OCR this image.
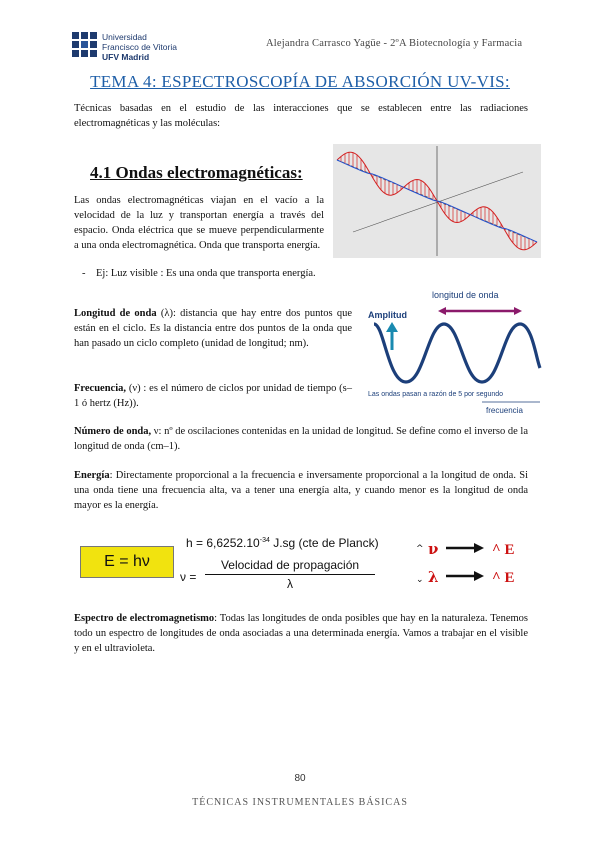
Universidad
Francisco de Vitoria
UFV Madrid
Alejandra Carrasco Yagüe - 2ºA Biotecnología y Farmacia
TEMA 4: ESPECTROSCOPÍA DE ABSORCIÓN UV-VIS:
Técnicas basadas en el estudio de las interacciones que se establecen entre las radiaciones electromagnéticas y las moléculas:
4.1 Ondas electromagnéticas:
Las ondas electromagnéticas viajan en el vacío a la velocidad de la luz y transportan energía a través del espacio. Onda eléctrica que se mueve perpendicularmente a una onda electromagnética. Onda que transporta energía.
- Ej: Luz visible : Es una onda que transporta energía.
Amplitud
longitud de onda
Las ondas pasan a razón de 5 por segundo
frecuencia
Longitud de onda (λ): distancia que hay entre dos puntos que están en el ciclo. Es la distancia entre dos puntos de la onda que han pasado un ciclo completo (unidad de longitud; nm).
Frecuencia, (ν) : es el número de ciclos por unidad de tiempo (s–1 ó hertz (Hz)).
Número de onda, ν: nº de oscilaciones contenidas en la unidad de longitud. Se define como el inverso de la longitud de onda (cm–1).
Energía: Directamente proporcional a la frecuencia e inversamente proporcional a la longitud de onda. Si una onda tiene una frecuencia alta, va a tener una energía alta, y cuando menor es la longitud de onda mayor es la energía.
E = hν
$h = 6,6252.10^{-34}$ J.sg (cte de Planck)
ν =
Velocidad de propagación
λ
^ ν	^ E
⌄ λ	^ E
Espectro de electromagnetismo: Todas las longitudes de onda posibles que hay en la naturaleza. Tenemos todo un espectro de longitudes de onda asociadas a una determinada energía. Vamos a trabajar en el visible y en el ultravioleta.
80
TÉCNICAS INSTRUMENTALES BÁSICAS
